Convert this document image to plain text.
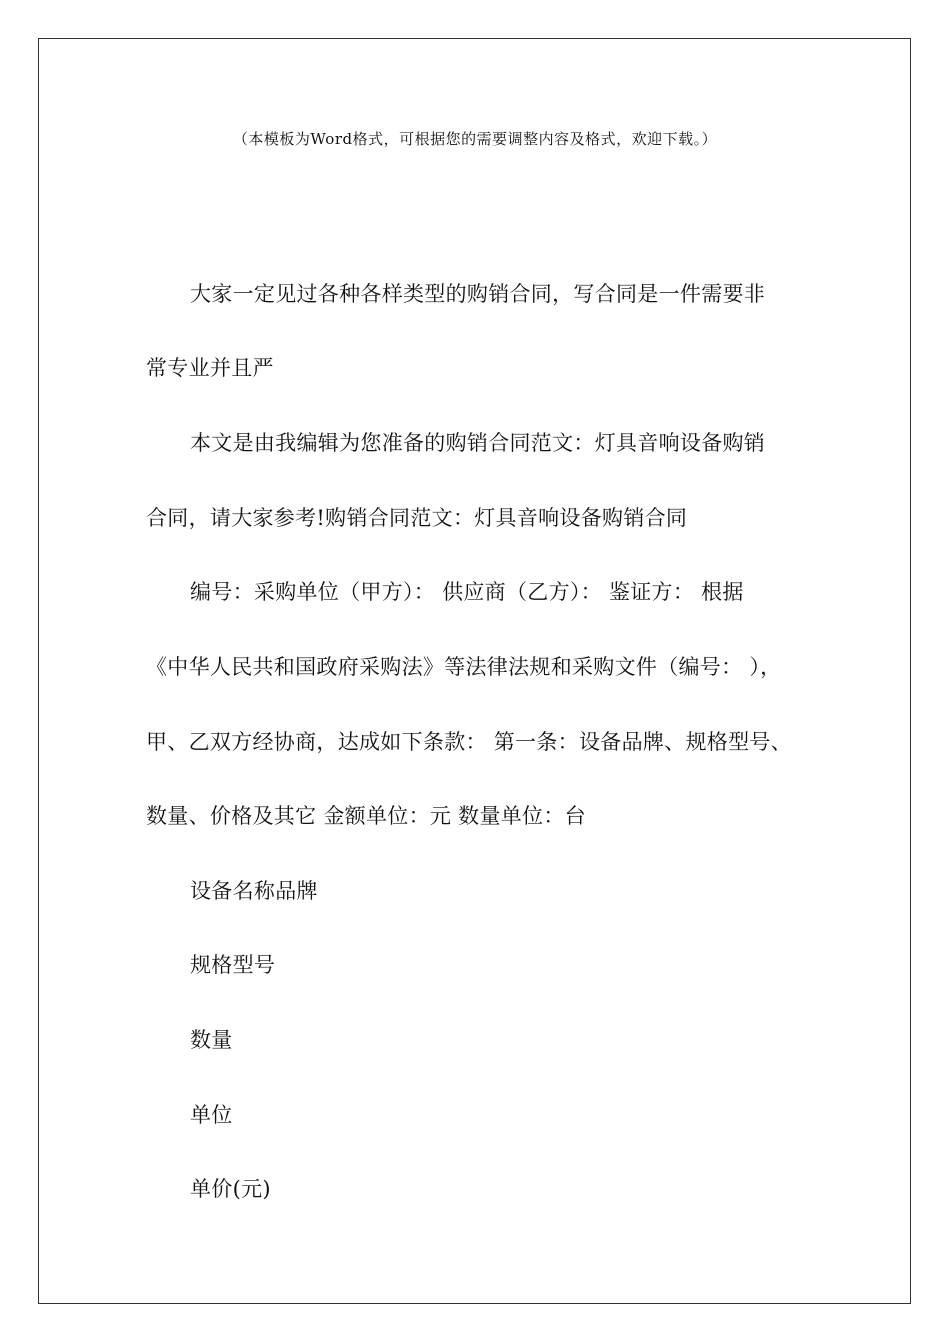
（本模板为Word格式，可根据您的需要调整内容及格式，欢迎下载。）
大家一定见过各种各样类型的购销合同，写合同是一件需要非
常专业并且严
本文是由我编辑为您准备的购销合同范文：灯具音响设备购销
合同，请大家参考!购销合同范文：灯具音响设备购销合同
编号：采购单位（甲方）： 供应商（乙方）： 鉴证方： 根据
《中华人民共和国政府采购法》等法律法规和采购文件（编号： ），
甲、乙双方经协商，达成如下条款： 第一条：设备品牌、规格型号、
数量、价格及其它 金额单位：元 数量单位：台
设备名称品牌
规格型号
数量
单位
单价(元)
